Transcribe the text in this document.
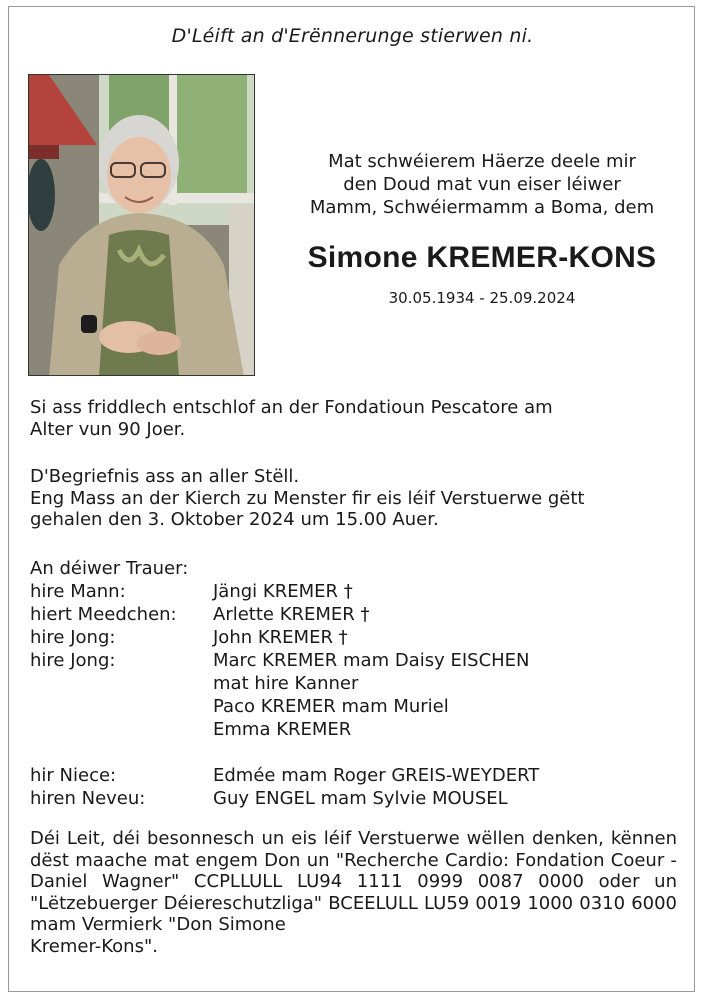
D'Léift an d'Erënnerunge stierwen ni.
Mat schwéierem Häerze deele mir
den Doud mat vun eiser léiwer
Mamm, Schwéiermamm a Boma, dem
Simone KREMER-KONS
30.05.1934 - 25.09.2024
Si ass friddlech entschlof an der Fondatioun Pescatore am
Alter vun 90 Joer.
D'Begriefnis ass an aller Stëll.
Eng Mass an der Kierch zu Menster fir eis léif Verstuerwe gëtt
gehalen den 3. Oktober 2024 um 15.00 Auer.
An déiwer Trauer:
hire Mann:	Jängi KREMER †
hiert Meedchen:	Arlette KREMER †
hire Jong:	John KREMER †
hire Jong:	Marc KREMER mam Daisy EISCHEN
mat hire Kanner
Paco KREMER mam Muriel
Emma KREMER
hir Niece:	Edmée mam Roger GREIS-WEYDERT
hiren Neveu:	Guy ENGEL mam Sylvie MOUSEL
Déi Leit, déi besonnesch un eis léif Verstuerwe wëllen denken, kënnen dëst maache mat engem Don un "Recherche Cardio: Fondation Coeur - Daniel Wagner" CCPLLULL LU94 1111 0999 0087 0000 oder un "Lëtzebuerger Déiereschutzliga" BCEELULL LU59 0019 1000 0310 6000 mam Vermierk "Don Simone
Kremer-Kons".
